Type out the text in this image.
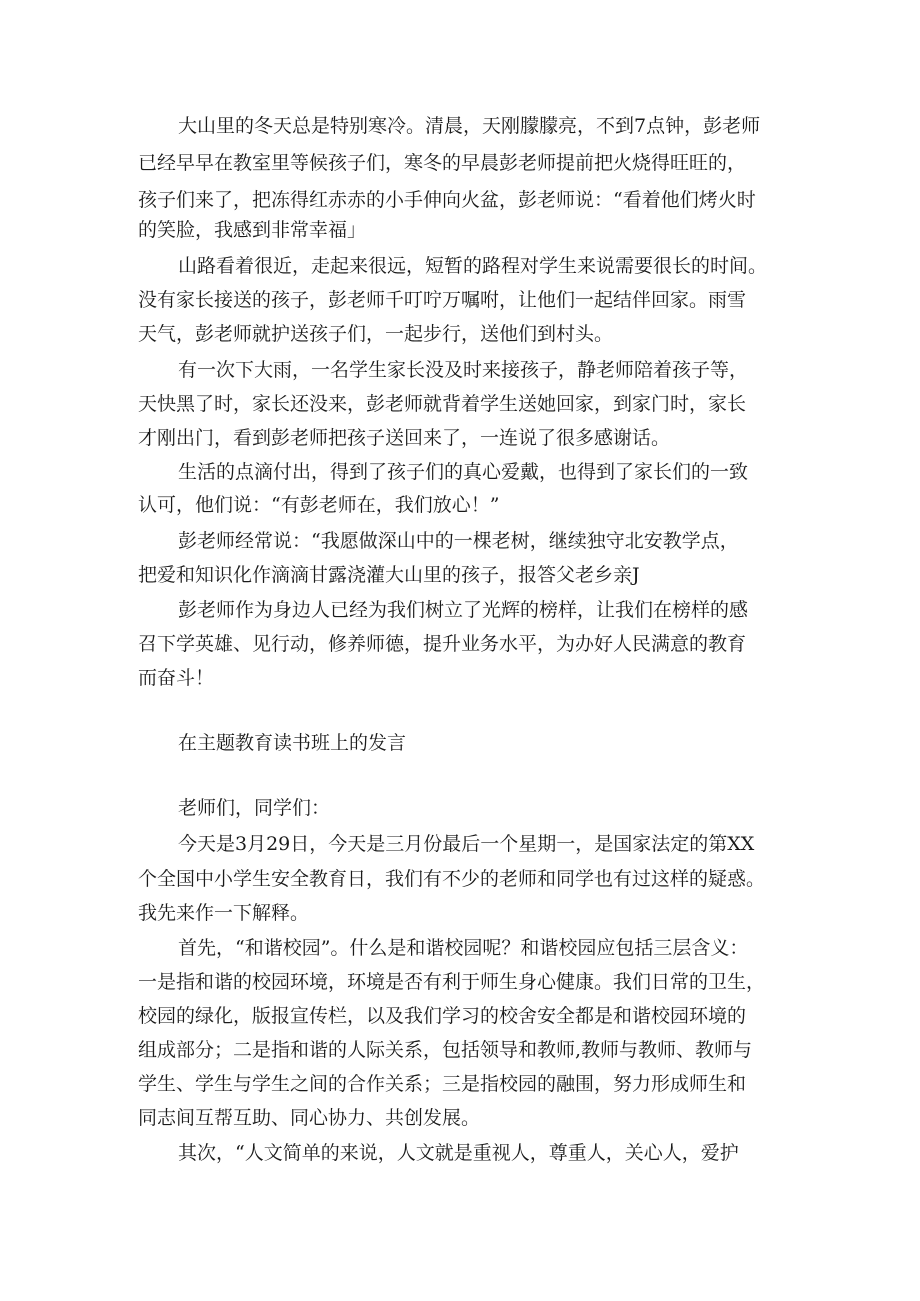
大山里的冬天总是特别寒冷。清晨，天刚朦朦亮，不到7点钟，彭老师
已经早早在教室里等候孩子们，寒冬的早晨彭老师提前把火烧得旺旺的，
孩子们来了，把冻得红赤赤的小手伸向火盆，彭老师说：“看着他们烤火时
的笑脸，我感到非常幸福」
山路看着很近，走起来很远，短暂的路程对学生来说需要很长的时间。
没有家长接送的孩子，彭老师千叮咛万嘱咐，让他们一起结伴回家。雨雪
天气，彭老师就护送孩子们，一起步行，送他们到村头。
有一次下大雨，一名学生家长没及时来接孩子，静老师陪着孩子等，
天快黑了时，家长还没来，彭老师就背着学生送她回家，到家门时，家长
才刚出门，看到彭老师把孩子送回来了，一连说了很多感谢话。
生活的点滴付出，得到了孩子们的真心爱戴，也得到了家长们的一致
认可，他们说：“有彭老师在，我们放心！”
彭老师经常说：“我愿做深山中的一棵老树，继续独守北安教学点，
把爱和知识化作滴滴甘露浇灌大山里的孩子，报答父老乡亲J
彭老师作为身边人已经为我们树立了光辉的榜样，让我们在榜样的感
召下学英雄、见行动，修养师德，提升业务水平，为办好人民满意的教育
而奋斗！
在主题教育读书班上的发言
老师们，同学们：
今天是3月29日，今天是三月份最后一个星期一，是国家法定的第XX
个全国中小学生安全教育日，我们有不少的老师和同学也有过这样的疑惑。
我先来作一下解释。
首先，“和谐校园”。什么是和谐校园呢？和谐校园应包括三层含义：
一是指和谐的校园环境，环境是否有利于师生身心健康。我们日常的卫生，
校园的绿化，版报宣传栏，以及我们学习的校舍安全都是和谐校园环境的
组成部分；二是指和谐的人际关系，包括领导和教师,教师与教师、教师与
学生、学生与学生之间的合作关系；三是指校园的融围，努力形成师生和
同志间互帮互助、同心协力、共创发展。
其次，“人文简单的来说，人文就是重视人，尊重人，关心人，爱护
